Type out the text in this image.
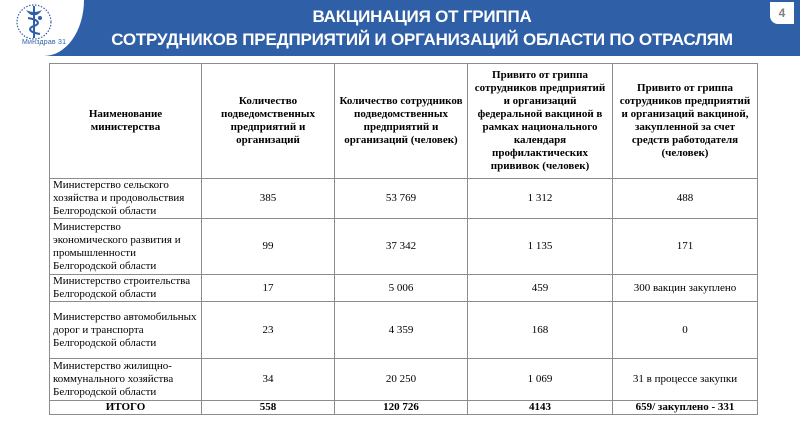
Минздрав 31
ВАКЦИНАЦИЯ ОТ ГРИППА
СОТРУДНИКОВ ПРЕДПРИЯТИЙ И ОРГАНИЗАЦИЙ ОБЛАСТИ ПО ОТРАСЛЯМ
4
Наименование министерства	Количество подведомственных предприятий и организаций	Количество сотрудников подведомственных предприятий и организаций (человек)	Привито от гриппа сотрудников предприятий и организаций федеральной вакциной в рамках национального календаря профилактических прививок (человек)	Привито от гриппа сотрудников предприятий и организаций вакциной, закупленной за счет средств работодателя (человек)
Министерство сельского хозяйства и продовольствия Белгородской области	385	53 769	1 312	488
Министерство экономического развития и промышленности Белгородской области	99	37 342	1 135	171
Министерство строительства Белгородской области	17	5 006	459	300 вакцин закуплено
Министерство автомобильных дорог и транспорта Белгородской области	23	4 359	168	0
Министерство жилищно-коммунального хозяйства Белгородской области	34	20 250	1 069	31 в процессе закупки
ИТОГО	558	120 726	4143	659/ закуплено - 331
